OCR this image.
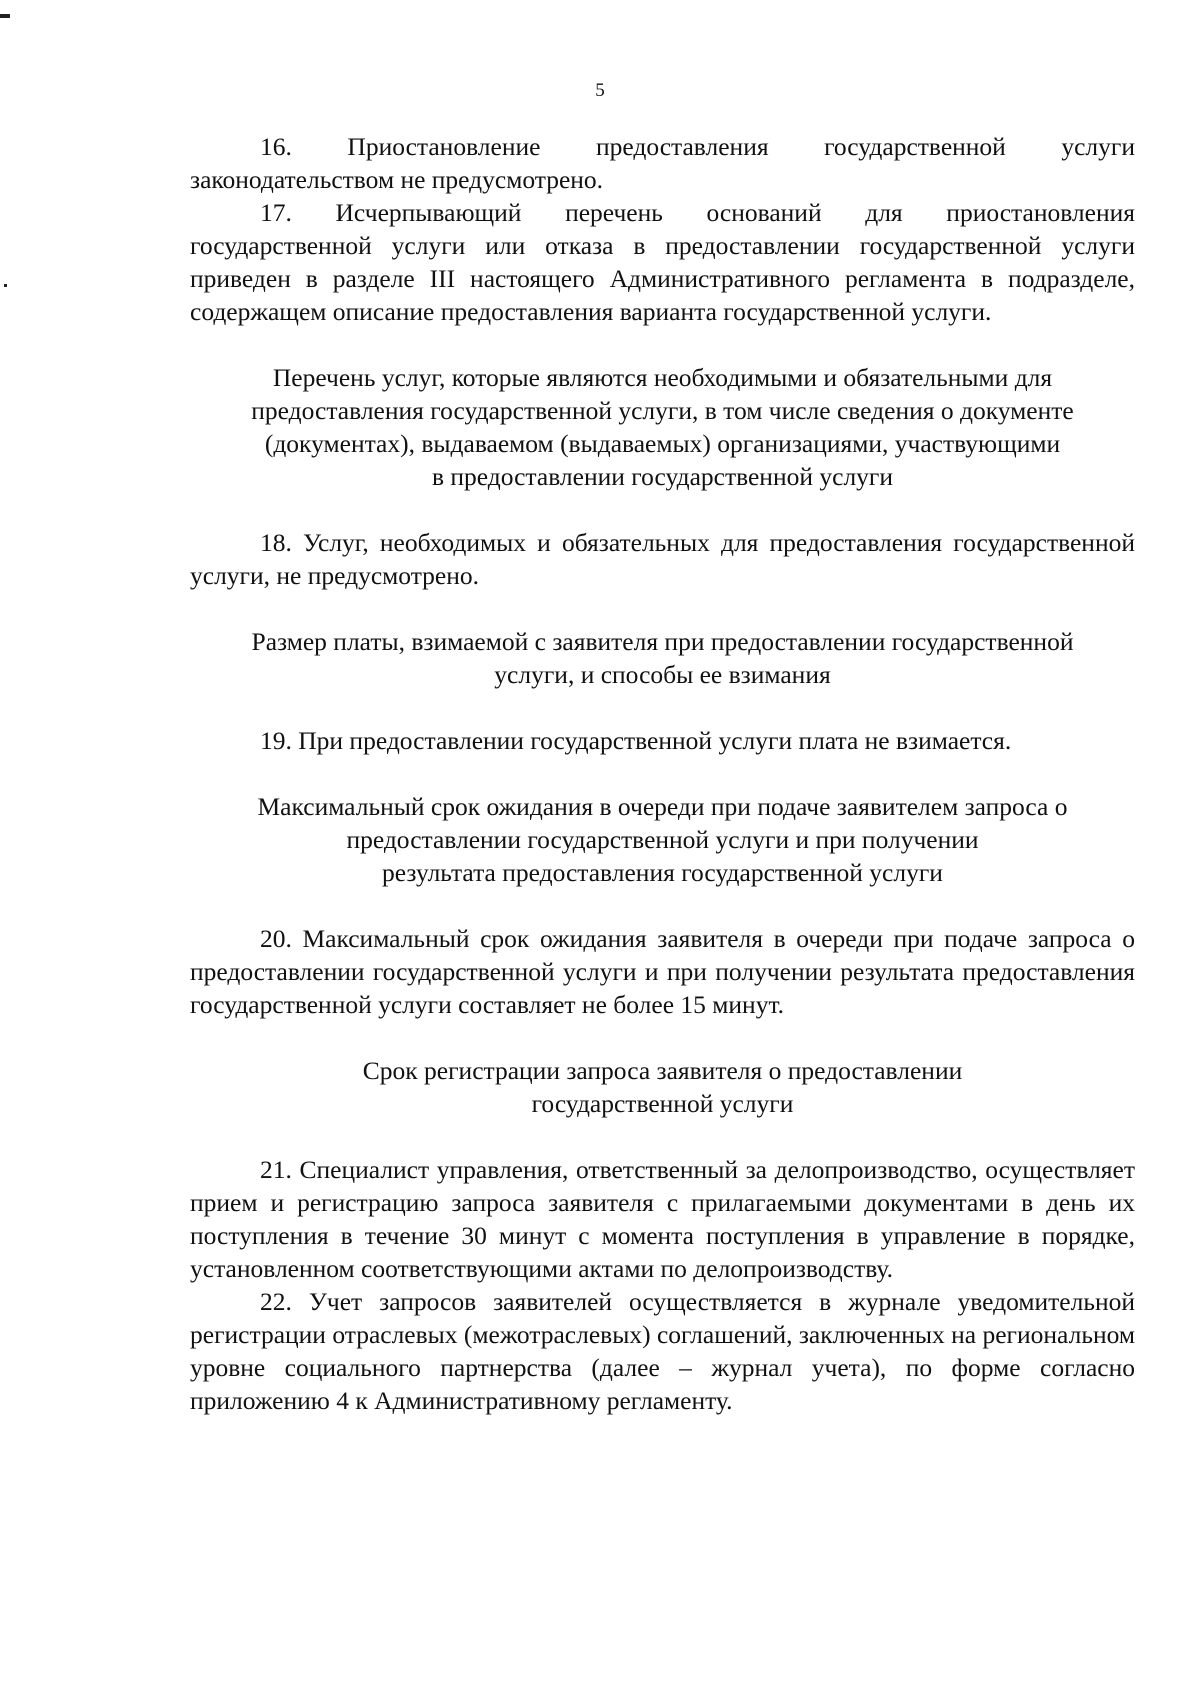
5

16. Приостановление предоставления государственной услуги законодательством не предусмотрено.

17. Исчерпывающий перечень оснований для приостановления государственной услуги или отказа в предоставлении государственной услуги приведен в разделе III настоящего Административного регламента в подразделе, содержащем описание предоставления варианта государственной услуги.

Перечень услуг, которые являются необходимыми и обязательными для
предоставления государственной услуги, в том числе сведения о документе
(документах), выдаваемом (выдаваемых) организациями, участвующими
в предоставлении государственной услуги

18. Услуг, необходимых и обязательных для предоставления государственной услуги, не предусмотрено.

Размер платы, взимаемой с заявителя при предоставлении государственной
услуги, и способы ее взимания

19. При предоставлении государственной услуги плата не взимается.

Максимальный срок ожидания в очереди при подаче заявителем запроса о
предоставлении государственной услуги и при получении
результата предоставления государственной услуги

20. Максимальный срок ожидания заявителя в очереди при подаче запроса о предоставлении государственной услуги и при получении результата предоставления государственной услуги составляет не более 15 минут.

Срок регистрации запроса заявителя о предоставлении
государственной услуги

21. Специалист управления, ответственный за делопроизводство, осуществляет прием и регистрацию запроса заявителя с прилагаемыми документами в день их поступления в течение 30 минут с момента поступления в управление в порядке, установленном соответствующими актами по делопроизводству.

22. Учет запросов заявителей осуществляется в журнале уведомительной регистрации отраслевых (межотраслевых) соглашений, заключенных на региональном уровне социального партнерства (далее – журнал учета), по форме согласно приложению 4 к Административному регламенту.
